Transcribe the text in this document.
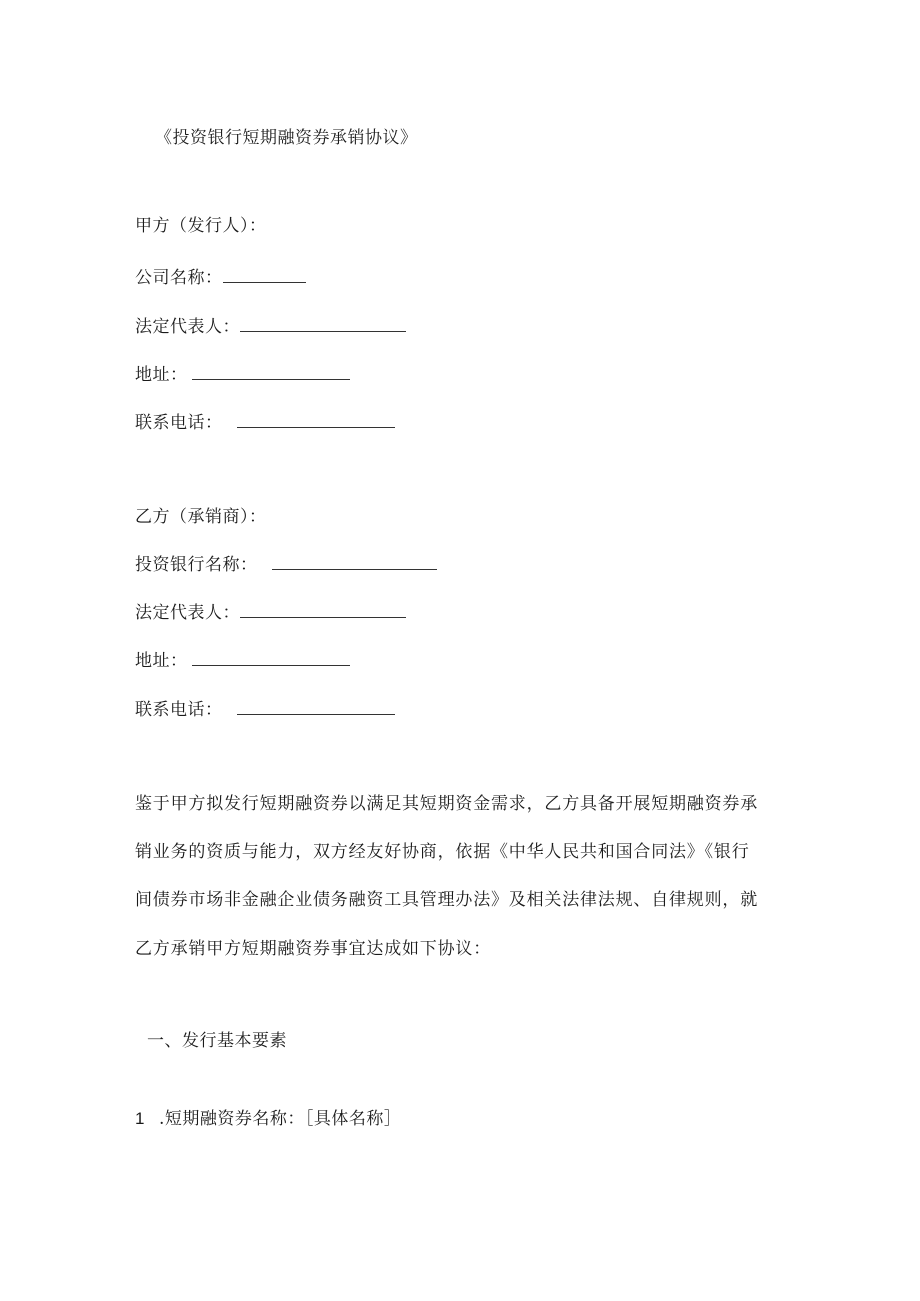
《投资银行短期融资券承销协议》
甲方（发行人）：
公司名称：
法定代表人：
地址：
联系电话：
乙方（承销商）：
投资银行名称：
法定代表人：
地址：
联系电话：
鉴于甲方拟发行短期融资券以满足其短期资金需求，乙方具备开展短期融资券承
销业务的资质与能力，双方经友好协商，依据《中华人民共和国合同法》《银行
间债券市场非金融企业债务融资工具管理办法》及相关法律法规、自律规则，就
乙方承销甲方短期融资券事宜达成如下协议：
一、发行基本要素
1 .短期融资券名称：［具体名称］
